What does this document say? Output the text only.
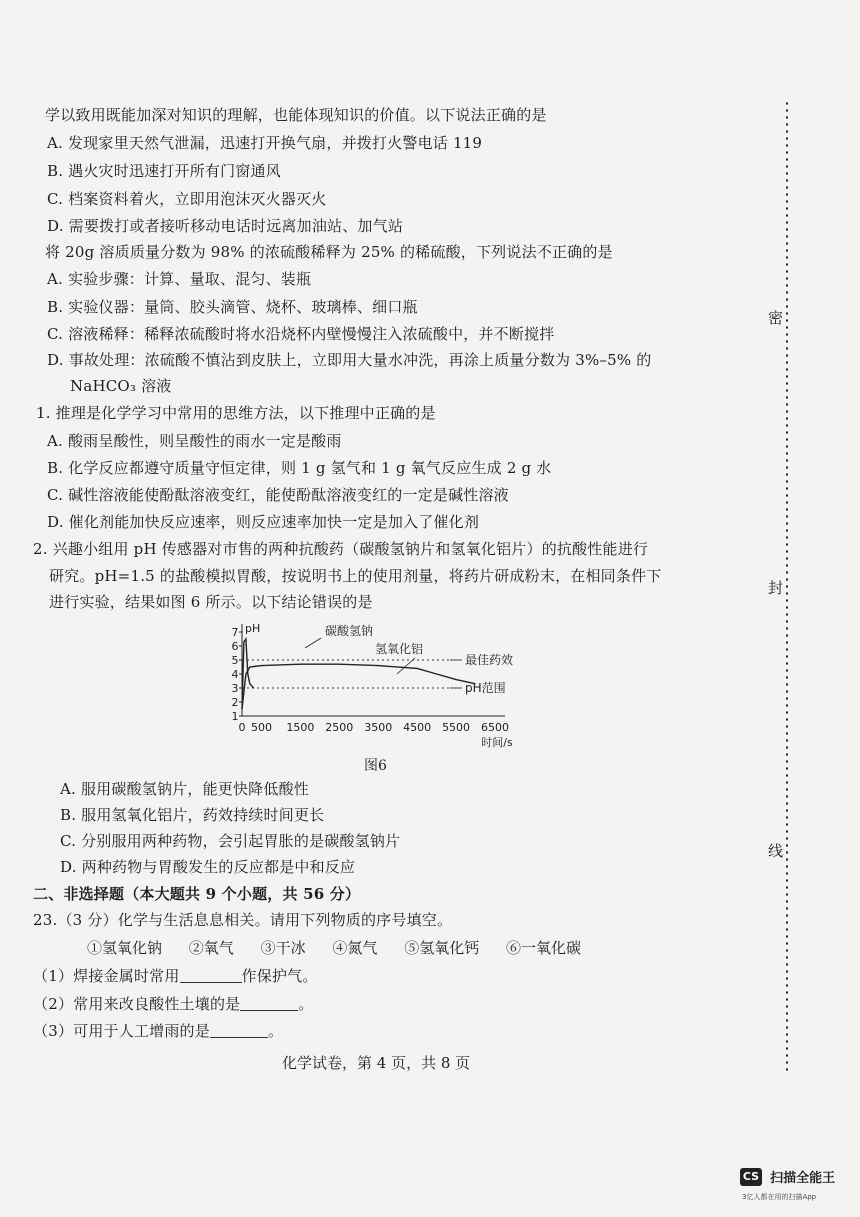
学以致用既能加深对知识的理解，也能体现知识的价值。以下说法正确的是
A. 发现家里天然气泄漏，迅速打开换气扇，并拨打火警电话 119
B. 遇火灾时迅速打开所有门窗通风
C. 档案资料着火，立即用泡沫灭火器灭火
D. 需要拨打或者接听移动电话时远离加油站、加气站
将 20g 溶质质量分数为 98% 的浓硫酸稀释为 25% 的稀硫酸，下列说法不正确的是
A. 实验步骤：计算、量取、混匀、装瓶
B. 实验仪器：量筒、胶头滴管、烧杯、玻璃棒、细口瓶
C. 溶液稀释：稀释浓硫酸时将水沿烧杯内壁慢慢注入浓硫酸中，并不断搅拌
D. 事故处理：浓硫酸不慎沾到皮肤上，立即用大量水冲洗，再涂上质量分数为 3%–5% 的
NaHCO₃ 溶液
1. 推理是化学学习中常用的思维方法，以下推理中正确的是
A. 酸雨呈酸性，则呈酸性的雨水一定是酸雨
B. 化学反应都遵守质量守恒定律，则 1 g 氢气和 1 g 氧气反应生成 2 g 水
C. 碱性溶液能使酚酞溶液变红，能使酚酞溶液变红的一定是碱性溶液
D. 催化剂能加快反应速率，则反应速率加快一定是加入了催化剂
2. 兴趣小组用 pH 传感器对市售的两种抗酸药（碳酸氢钠片和氢氧化铝片）的抗酸性能进行
研究。pH=1.5 的盐酸模拟胃酸，按说明书上的使用剂量，将药片研成粉末，在相同条件下
进行实验，结果如图 6 所示。以下结论错误的是
1
2
3
4
5
6
7 pH
0 500 1500 2500 3500 4500 5500 6500
时间/s
最佳药效
pH范围
碳酸氢钠
氢氧化铝
图6
A. 服用碳酸氢钠片，能更快降低酸性
B. 服用氢氧化铝片，药效持续时间更长
C. 分别服用两种药物，会引起胃胀的是碳酸氢钠片
D. 两种药物与胃酸发生的反应都是中和反应
二、非选择题（本大题共 9 个小题，共 56 分）
23.（3 分）化学与生活息息相关。请用下列物质的序号填空。
①氢氧化钠 ②氧气 ③干冰 ④氮气 ⑤氢氧化钙 ⑥一氧化碳
（1）焊接金属时常用	作保护气。
（2）常用来改良酸性土壤的是	。
（3）可用于人工增雨的是	。
化学试卷，第 4 页，共 8 页
密
封
线
CS 扫描全能王
3亿人都在用的扫描App
